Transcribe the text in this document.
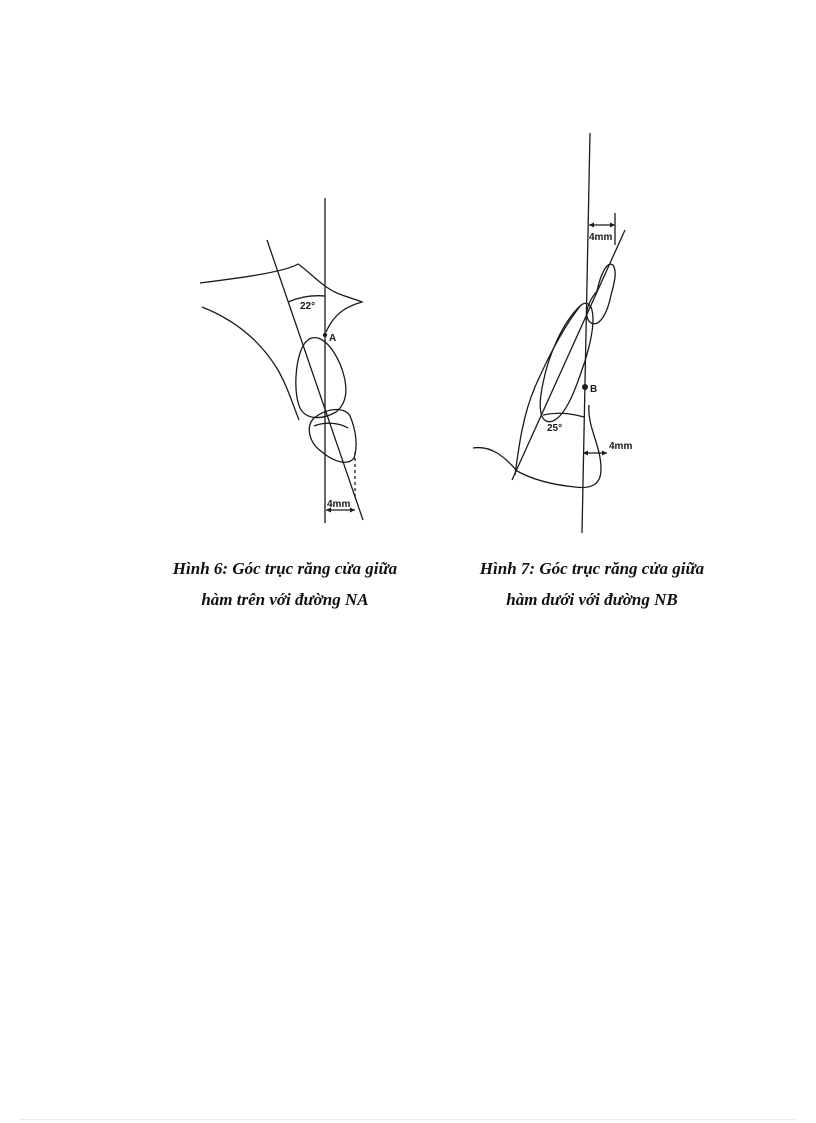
22°
A
4mm
4mm
B
25°
4mm
Hình 6: Góc trục răng cửa giữa
hàm trên với đường NA
Hình 7: Góc trục răng cửa giữa
hàm dưới với đường NB
